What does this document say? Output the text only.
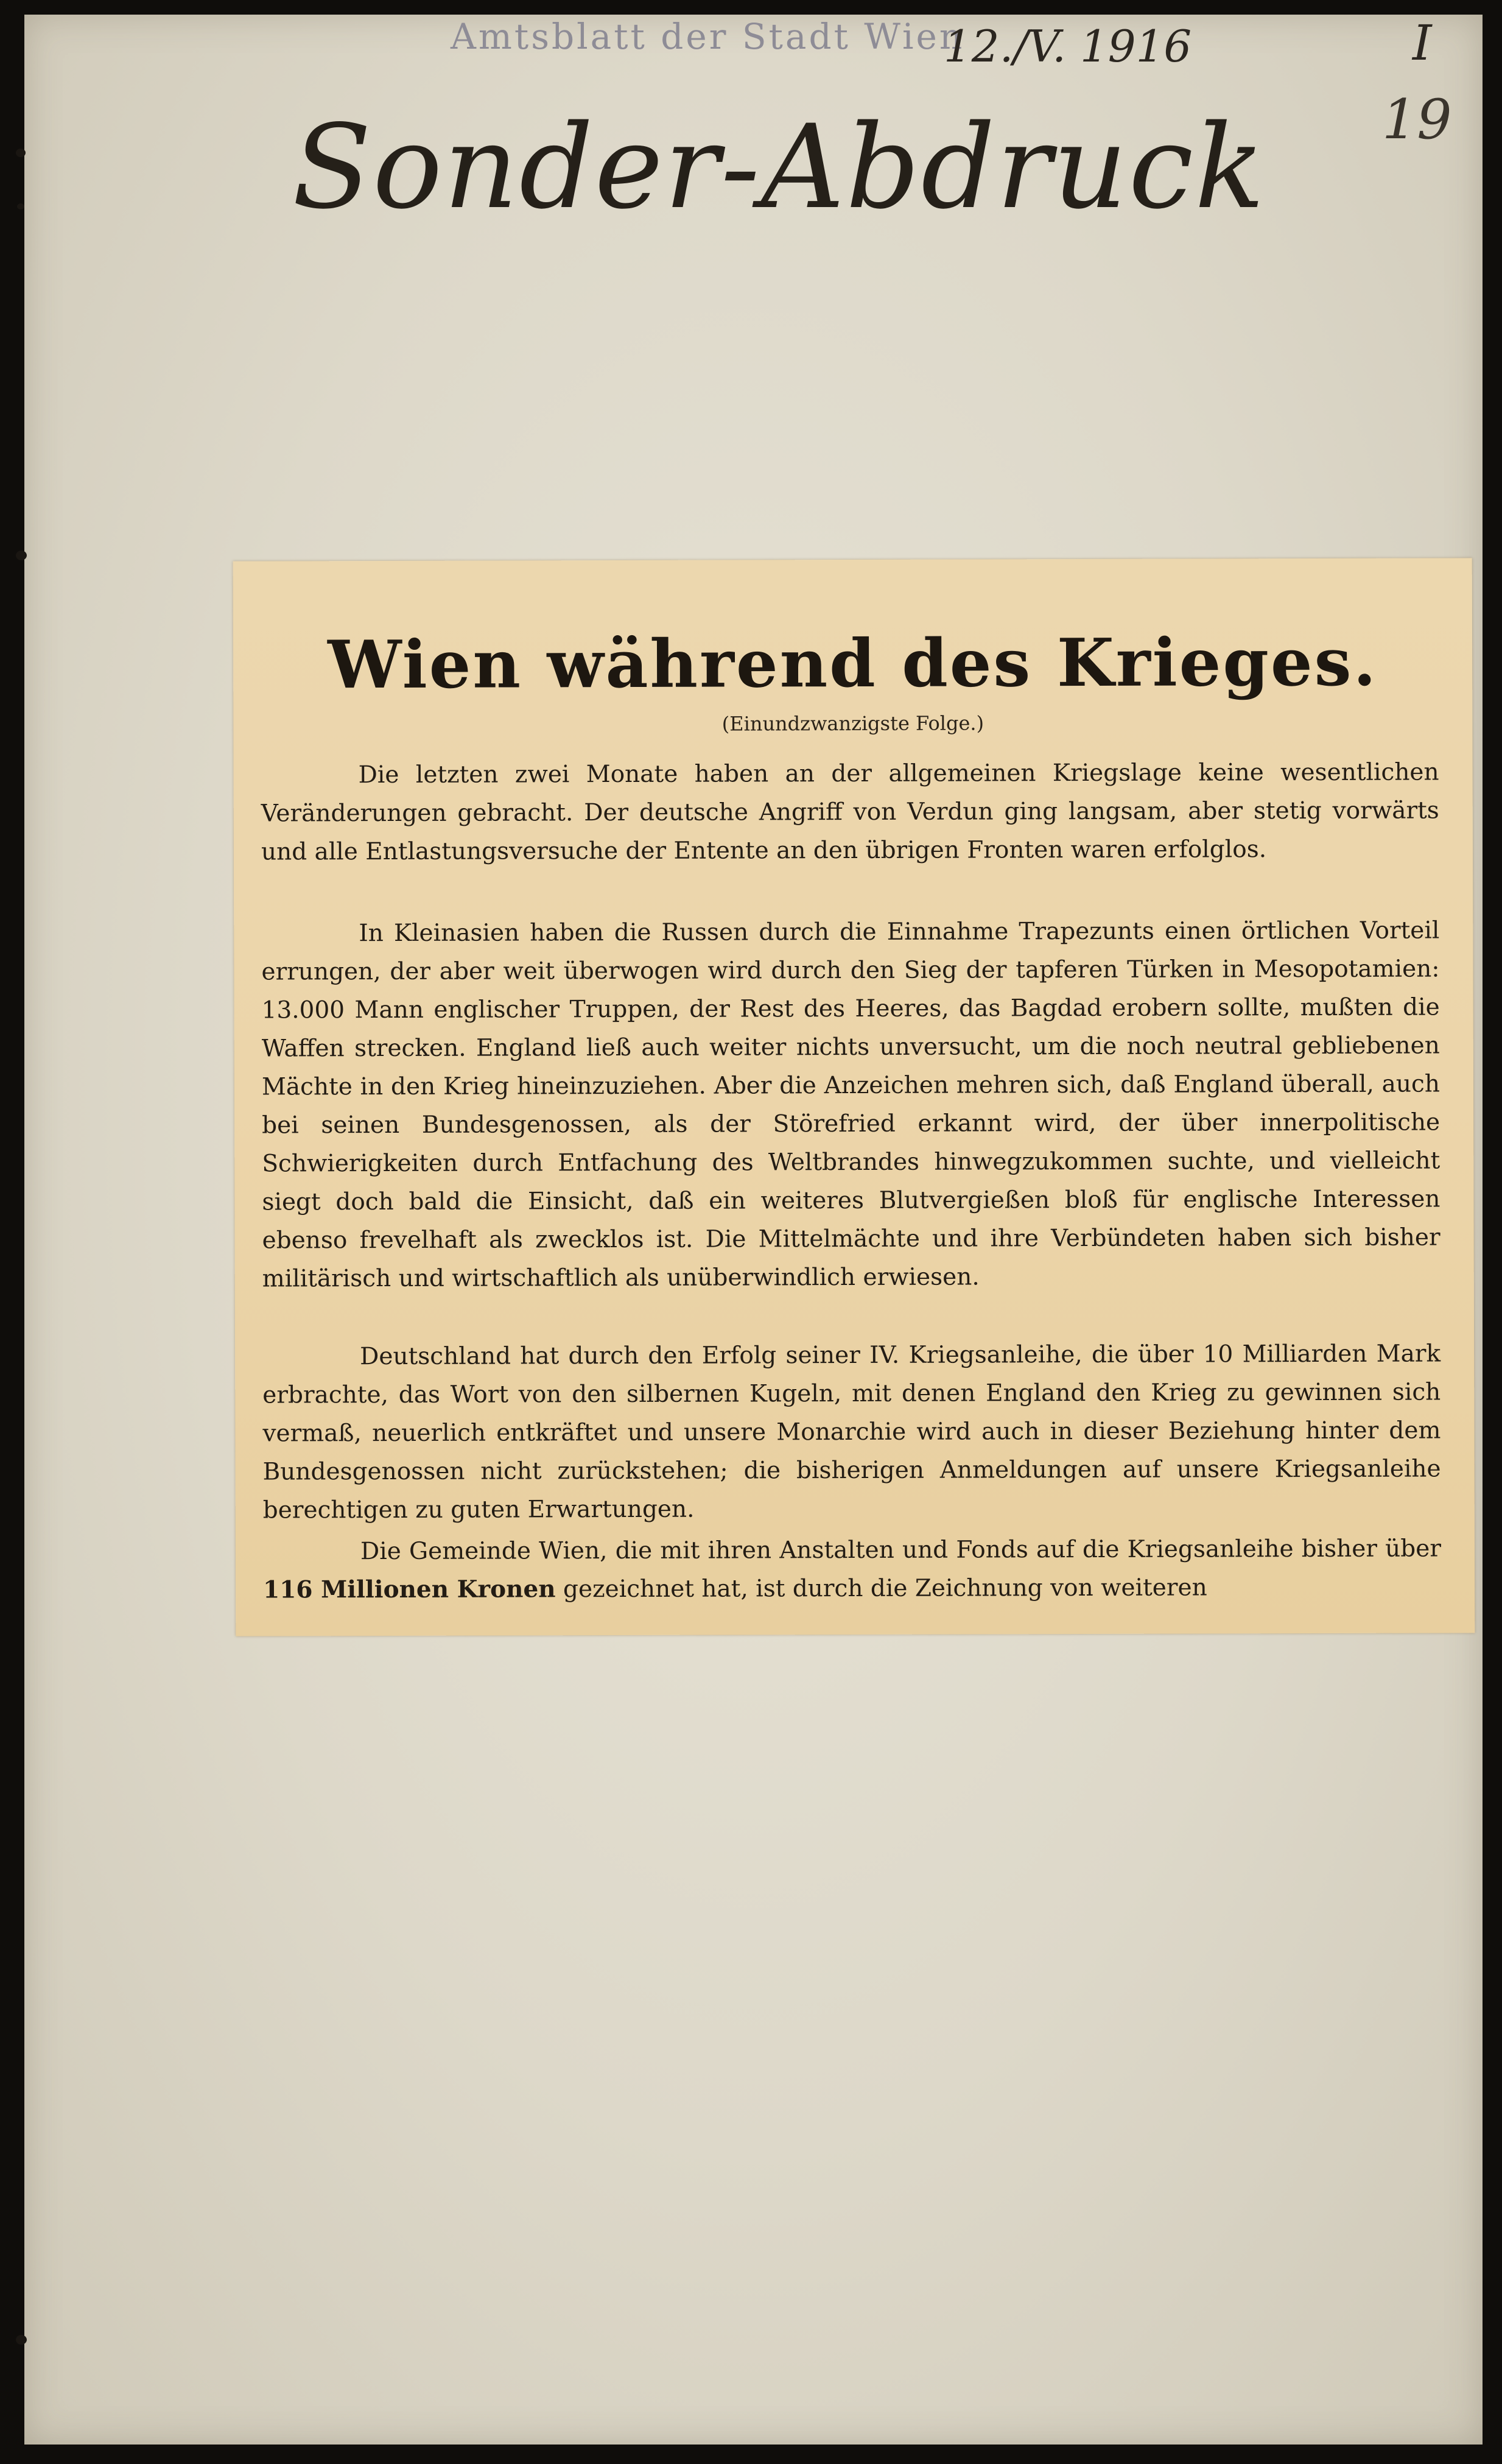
Amtsblatt der Stadt Wien
12./V. 1916	I
19
Sonder-Abdruck
Wien während des Krieges.
(Einundzwanzigste Folge.)

Die letzten zwei Monate haben an der allgemeinen Kriegslage keine wesentlichen Veränderungen gebracht. Der deutsche Angriff von Verdun ging langsam, aber stetig vorwärts und alle Entlastungsversuche der Entente an den übrigen Fronten waren erfolglos.

In Kleinasien haben die Russen durch die Einnahme Trapezunts einen örtlichen Vorteil errungen, der aber weit überwogen wird durch den Sieg der tapferen Türken in Mesopotamien: 13.000 Mann englischer Truppen, der Rest des Heeres, das Bagdad erobern sollte, mußten die Waffen strecken. England ließ auch weiter nichts unversucht, um die noch neutral gebliebenen Mächte in den Krieg hineinzuziehen. Aber die Anzeichen mehren sich, daß England überall, auch bei seinen Bundesgenossen, als der Störefried erkannt wird, der über innerpolitische Schwierigkeiten durch Entfachung des Weltbrandes hinwegzukommen suchte, und vielleicht siegt doch bald die Einsicht, daß ein weiteres Blutvergießen bloß für englische Interessen ebenso frevelhaft als zwecklos ist. Die Mittelmächte und ihre Verbündeten haben sich bisher militärisch und wirtschaftlich als unüberwindlich erwiesen.

Deutschland hat durch den Erfolg seiner IV. Kriegsanleihe, die über 10 Milliarden Mark erbrachte, das Wort von den silbernen Kugeln, mit denen England den Krieg zu gewinnen sich vermaß, neuerlich entkräftet und unsere Monarchie wird auch in dieser Beziehung hinter dem Bundesgenossen nicht zurückstehen; die bisherigen Anmeldungen auf unsere Kriegsanleihe berechtigen zu guten Erwartungen.

Die Gemeinde Wien, die mit ihren Anstalten und Fonds auf die Kriegsanleihe bisher über 116 Millionen Kronen gezeichnet hat, ist durch die Zeichnung von weiteren
